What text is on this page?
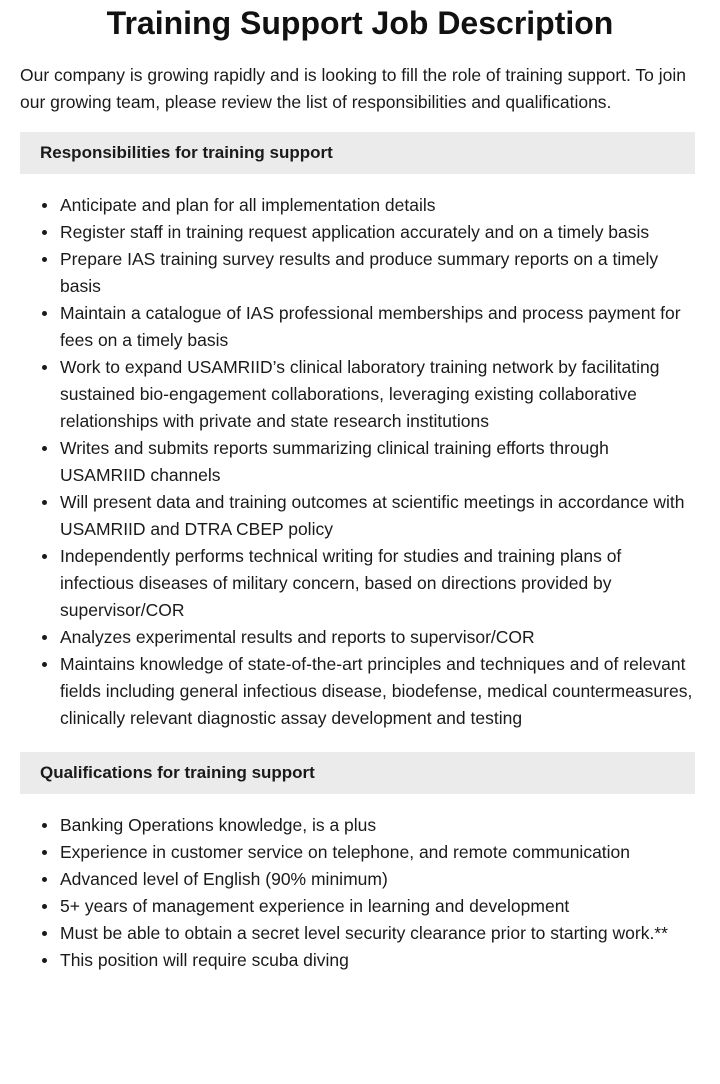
Training Support Job Description

Our company is growing rapidly and is looking to fill the role of training support. To join our growing team, please review the list of responsibilities and qualifications.

Responsibilities for training support
Anticipate and plan for all implementation details
Register staff in training request application accurately and on a timely basis
Prepare IAS training survey results and produce summary reports on a timely basis
Maintain a catalogue of IAS professional memberships and process payment for fees on a timely basis
Work to expand USAMRIID’s clinical laboratory training network by facilitating sustained bio-engagement collaborations, leveraging existing collaborative relationships with private and state research institutions
Writes and submits reports summarizing clinical training efforts through USAMRIID channels
Will present data and training outcomes at scientific meetings in accordance with USAMRIID and DTRA CBEP policy
Independently performs technical writing for studies and training plans of infectious diseases of military concern, based on directions provided by supervisor/COR
Analyzes experimental results and reports to supervisor/COR
Maintains knowledge of state-of-the-art principles and techniques and of relevant fields including general infectious disease, biodefense, medical countermeasures, clinically relevant diagnostic assay development and testing
Qualifications for training support
Banking Operations knowledge, is a plus
Experience in customer service on telephone, and remote communication
Advanced level of English (90% minimum)
5+ years of management experience in learning and development
Must be able to obtain a secret level security clearance prior to starting work.**
This position will require scuba diving
